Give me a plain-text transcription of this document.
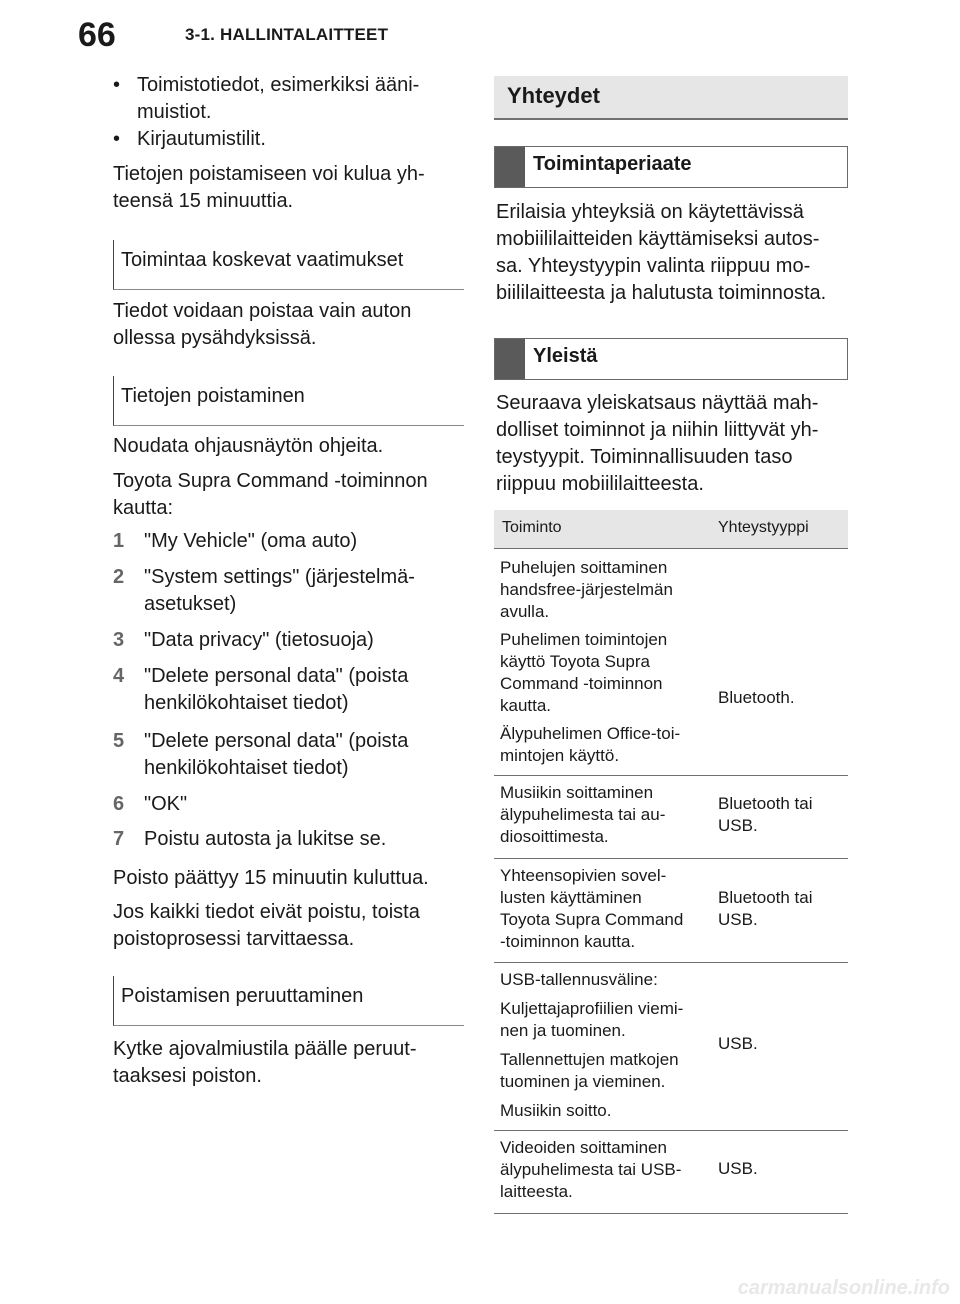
66	3-1. HALLINTALAITTEET
• Toimistotiedot, esimerkiksi ääni-
muistiot.
• Kirjautumistilit.
Tietojen poistamiseen voi kulua yh-
teensä 15 minuuttia.
Toimintaa koskevat vaatimukset
Tiedot voidaan poistaa vain auton
ollessa pysähdyksissä.
Tietojen poistaminen
Noudata ohjausnäytön ohjeita.
Toyota Supra Command -toiminnon
kautta:
1 "My Vehicle" (oma auto)
2 "System settings" (järjestelmä-
asetukset)
3 "Data privacy" (tietosuoja)
4 "Delete personal data" (poista
henkilökohtaiset tiedot)
5 "Delete personal data" (poista
henkilökohtaiset tiedot)
6 "OK"
7 Poistu autosta ja lukitse se.
Poisto päättyy 15 minuutin kuluttua.
Jos kaikki tiedot eivät poistu, toista
poistoprosessi tarvittaessa.
Poistamisen peruuttaminen
Kytke ajovalmiustila päälle peruut-
taaksesi poiston.
Yhteydet
Toimintaperiaate
Erilaisia yhteyksiä on käytettävissä
mobiililaitteiden käyttämiseksi autos-
sa. Yhteystyypin valinta riippuu mo-
biililaitteesta ja halutusta toiminnosta.
Yleistä
Seuraava yleiskatsaus näyttää mah-
dolliset toiminnot ja niihin liittyvät yh-
teystyypit. Toiminnallisuuden taso
riippuu mobiililaitteesta.
Toiminto	Yhteystyyppi

Puhelujen soittaminen
handsfree-järjestelmän
avulla.

Puhelimen toimintojen
käyttö Toyota Supra
Command -toiminnon
kautta.

Älypuhelimen Office-toi-
mintojen käyttö.

Bluetooth.
Musiikin soittaminen
älypuhelimesta tai au-
diosoittimesta.
Bluetooth tai
USB.
Yhteensopivien sovel-
lusten käyttäminen
Toyota Supra Command
-toiminnon kautta.
Bluetooth tai
USB.

USB-tallennusväline:

Kuljettajaprofiilien viemi-
nen ja tuominen.

Tallennettujen matkojen
tuominen ja vieminen.

Musiikin soitto.

USB.
Videoiden soittaminen
älypuhelimesta tai USB-
laitteesta.
USB.
carmanualsonline.info
